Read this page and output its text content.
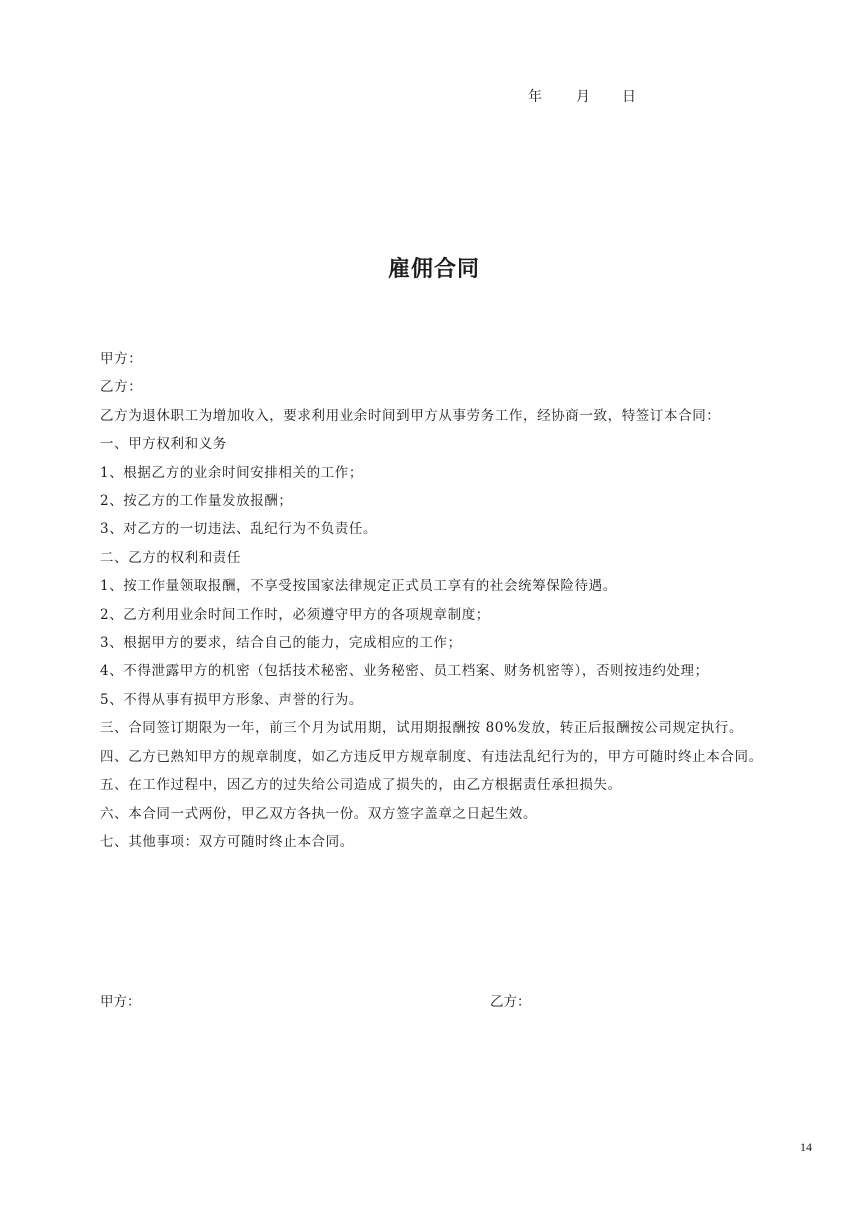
年 月 日
雇佣合同

甲方：

乙方：

乙方为退休职工为增加收入，要求利用业余时间到甲方从事劳务工作，经协商一致，特签订本合同：

一、甲方权利和义务

1、根据乙方的业余时间安排相关的工作；

2、按乙方的工作量发放报酬；

3、对乙方的一切违法、乱纪行为不负责任。

二、乙方的权利和责任

1、按工作量领取报酬，不享受按国家法律规定正式员工享有的社会统筹保险待遇。

2、乙方利用业余时间工作时，必须遵守甲方的各项规章制度；

3、根据甲方的要求，结合自己的能力，完成相应的工作；

4、不得泄露甲方的机密（包括技术秘密、业务秘密、员工档案、财务机密等），否则按违约处理；

5、不得从事有损甲方形象、声誉的行为。

三、合同签订期限为一年，前三个月为试用期，试用期报酬按 80%发放，转正后报酬按公司规定执行。

四、乙方已熟知甲方的规章制度，如乙方违反甲方规章制度、有违法乱纪行为的，甲方可随时终止本合同。

五、在工作过程中，因乙方的过失给公司造成了损失的，由乙方根据责任承担损失。

六、本合同一式两份，甲乙双方各执一份。双方签字盖章之日起生效。

七、其他事项：双方可随时终止本合同。

甲方：	乙方：
14
